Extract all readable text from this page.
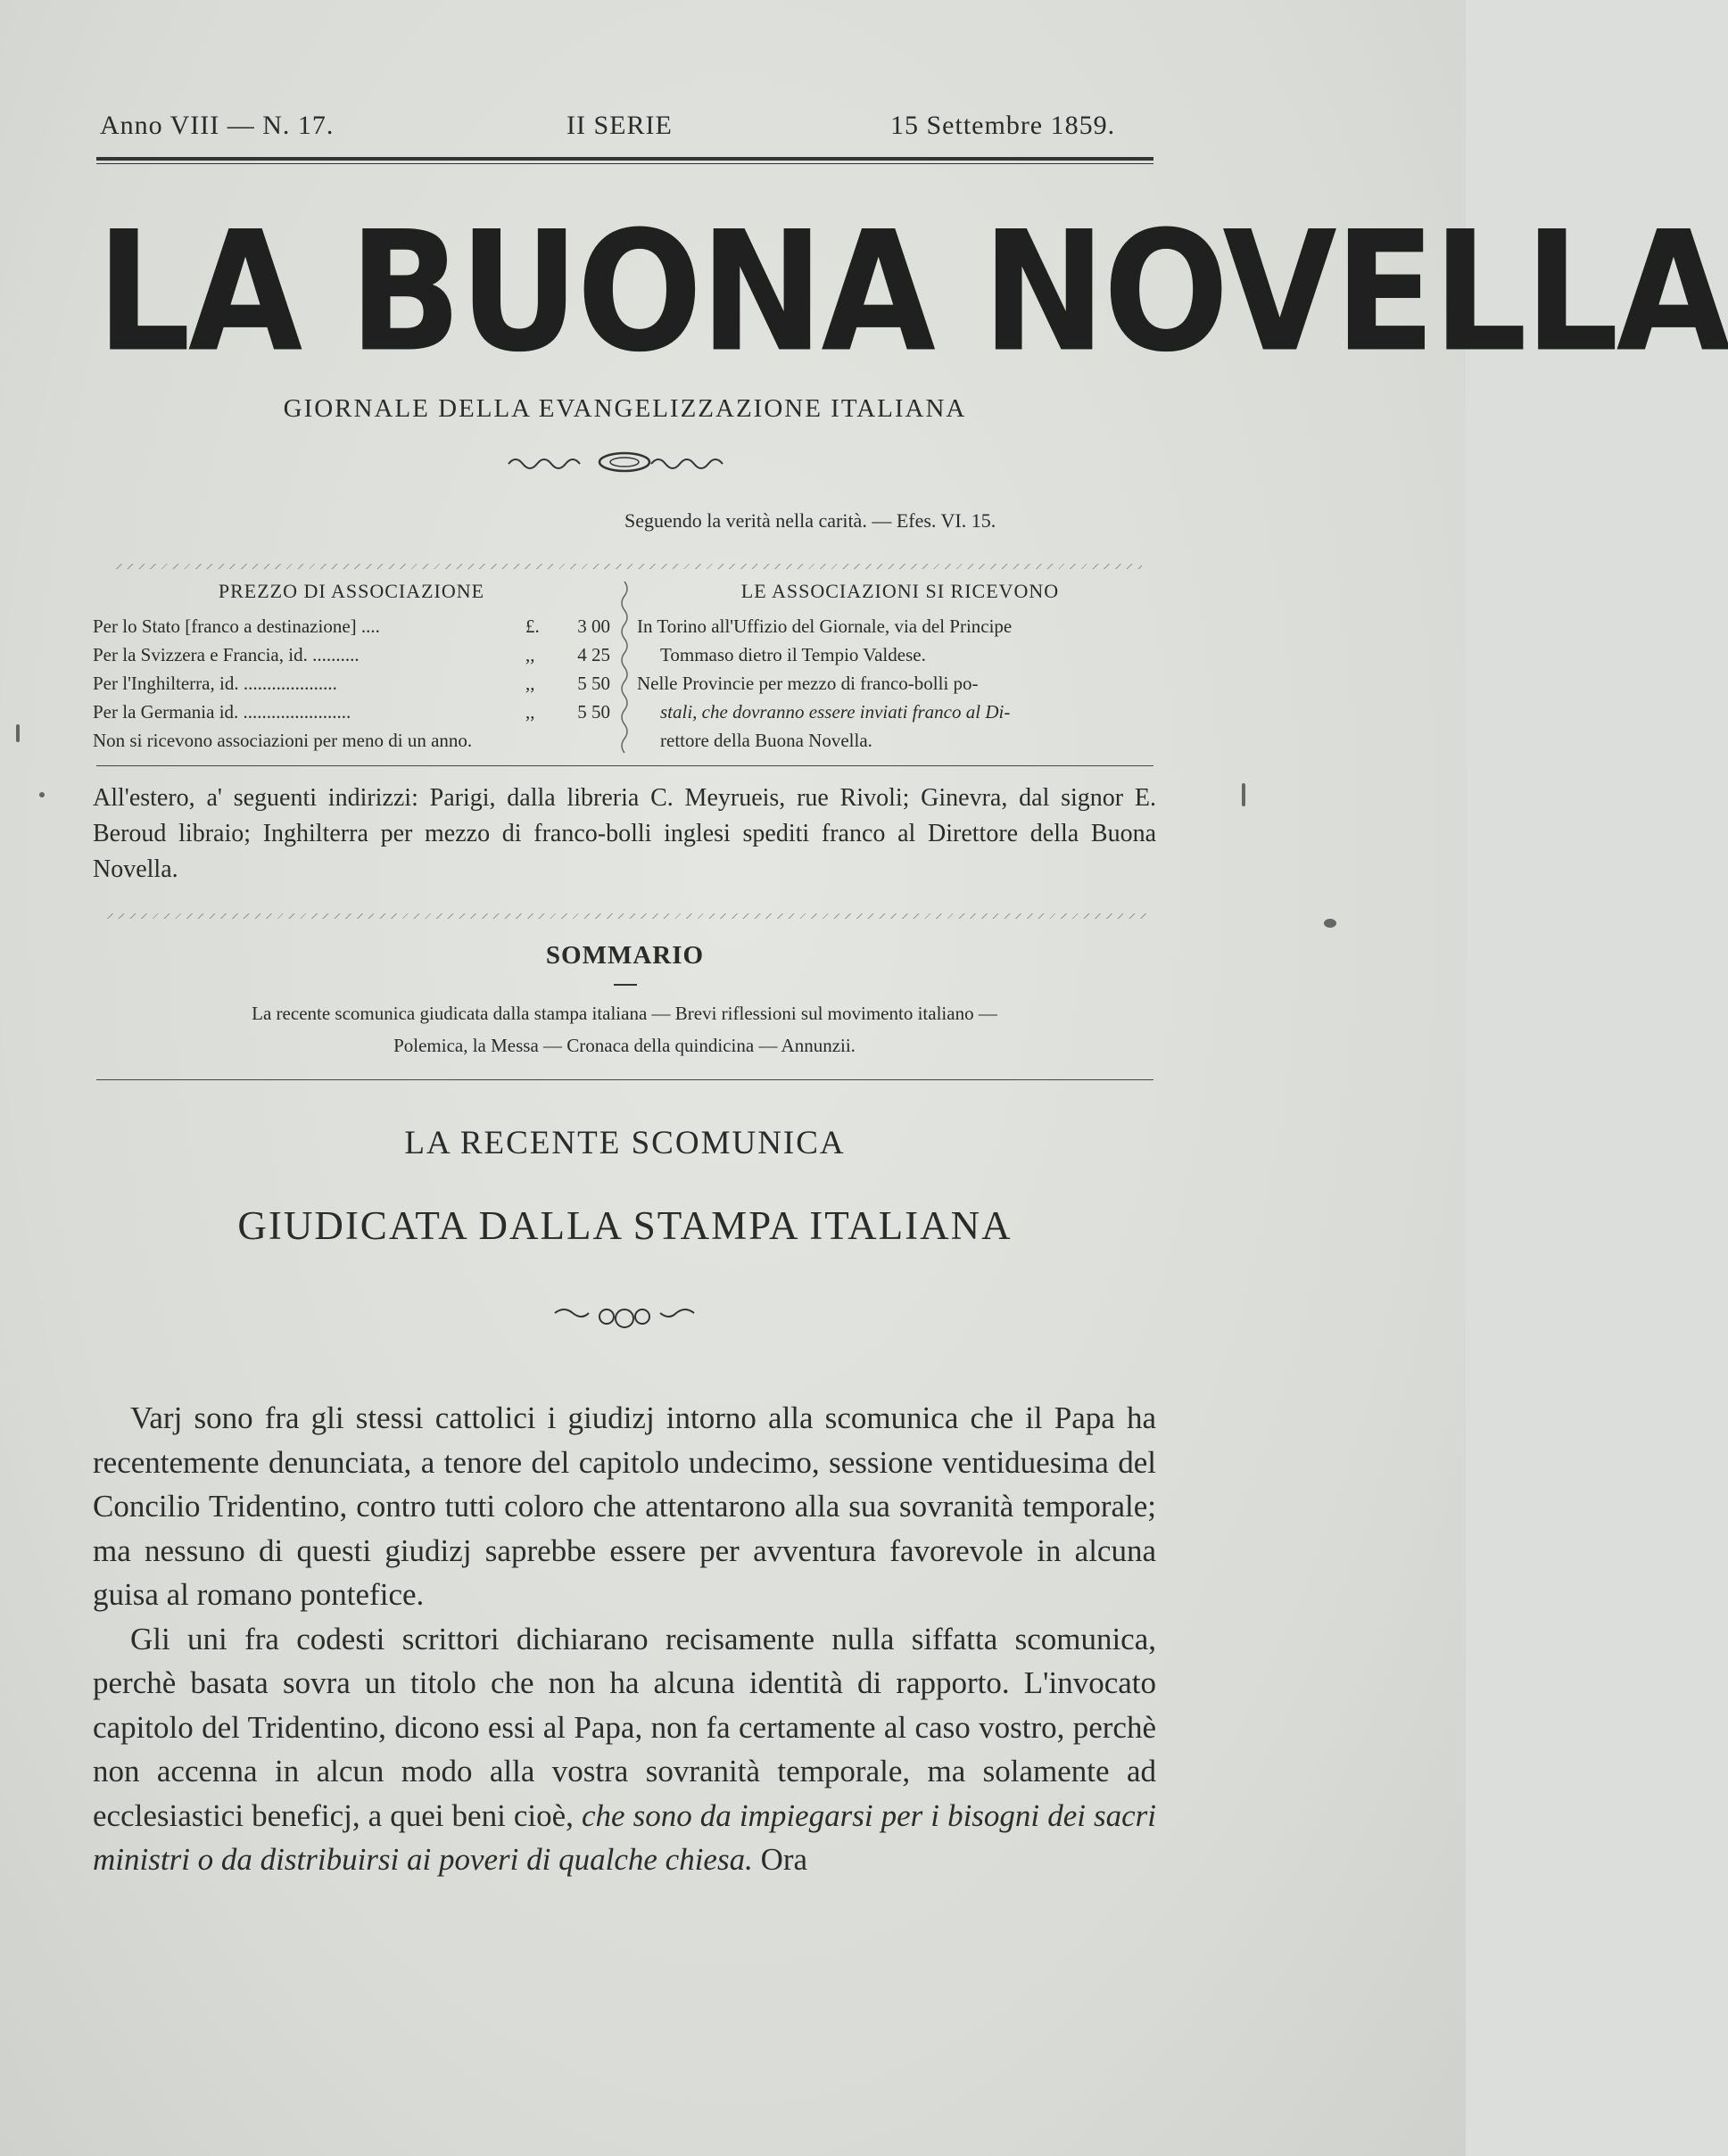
Anno VIII — N. 17.	II SERIE	15 Settembre 1859.
LA BUONA NOVELLA
GIORNALE DELLA EVANGELIZZAZIONE ITALIANA
Seguendo la verità nella carità. — Efes. VI. 15.
PREZZO DI ASSOCIAZIONE
Per lo Stato [franco a destinazione] ....	£. 3 00
Per la Svizzera e Francia, id. ..........	,, 4 25
Per l'Inghilterra, id. ....................	,, 5 50
Per la Germania id. .......................	,, 5 50
Non si ricevono associazioni per meno di un anno.
LE ASSOCIAZIONI SI RICEVONO
In Torino all'Uffizio del Giornale, via del Principe
Tommaso dietro il Tempio Valdese.
Nelle Provincie per mezzo di franco-bolli po-
stali, che dovranno essere inviati franco al Di-
rettore della Buona Novella.
All'estero, a' seguenti indirizzi: Parigi, dalla libreria C. Meyrueis, rue Rivoli; Ginevra, dal signor E. Beroud libraio; Inghilterra per mezzo di franco-bolli inglesi spediti franco al Direttore della Buona Novella.
SOMMARIO
La recente scomunica giudicata dalla stampa italiana — Brevi riflessioni sul movimento italiano —
Polemica, la Messa — Cronaca della quindicina — Annunzii.
LA RECENTE SCOMUNICA
GIUDICATA DALLA STAMPA ITALIANA

Varj sono fra gli stessi cattolici i giudizj intorno alla scomunica che il Papa ha recentemente denunciata, a tenore del capitolo undecimo, sessione ventiduesima del Concilio Tridentino, contro tutti coloro che attentarono alla sua sovranità temporale; ma nessuno di questi giudizj saprebbe essere per avventura favorevole in alcuna guisa al romano pontefice.

Gli uni fra codesti scrittori dichiarano recisamente nulla siffatta scomunica, perchè basata sovra un titolo che non ha alcuna identità di rapporto. L'invocato capitolo del Tridentino, dicono essi al Papa, non fa certamente al caso vostro, perchè non accenna in alcun modo alla vostra sovranità temporale, ma solamente ad ecclesiastici beneficj, a quei beni cioè, che sono da impiegarsi per i bisogni dei sacri ministri o da distribuirsi ai poveri di qualche chiesa. Ora
